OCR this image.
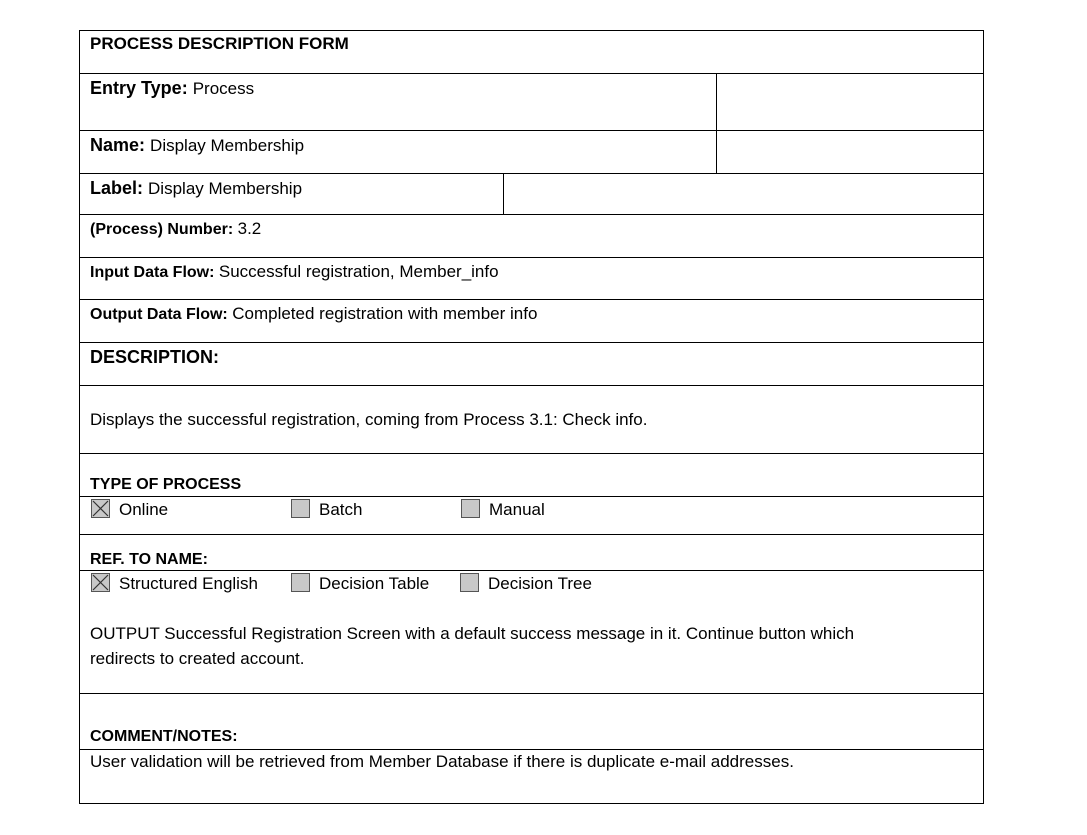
PROCESS DESCRIPTION FORM
Entry Type: Process
Name: Display Membership
Label: Display Membership
(Process) Number: 3.2
Input Data Flow: Successful registration, Member_info
Output Data Flow: Completed registration with member info
DESCRIPTION:
Displays the successful registration, coming from Process 3.1: Check info.
TYPE OF PROCESS
Online	Batch	Manual
REF. TO NAME:
Structured English	Decision Table	Decision Tree
OUTPUT Successful Registration Screen with a default success message in it. Continue button which redirects to created account.
COMMENT/NOTES:
User validation will be retrieved from Member Database if there is duplicate e-mail addresses.
